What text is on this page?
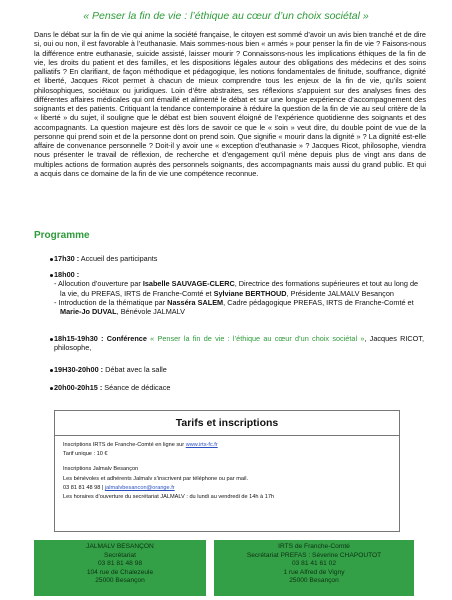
« Penser la fin de vie : l’éthique au cœur d’un choix sociétal »

Dans le débat sur la fin de vie qui anime la société française, le citoyen est sommé d’avoir un avis bien tranché et de dire si, oui ou non, il est favorable à l’euthanasie. Mais sommes-nous bien « armés » pour penser la fin de vie ? Faisons-nous la différence entre euthanasie, suicide assisté, laisser mourir ? Connaissons-nous les implications éthiques de la fin de vie, les droits du patient et des familles, et les dispositions légales autour des obligations des médecins et des soins palliatifs ? En clarifiant, de façon méthodique et pédagogique, les notions fondamentales de finitude, souffrance, dignité et liberté, Jacques Ricot permet à chacun de mieux comprendre tous les enjeux de la fin de vie, qu’ils soient philosophiques, sociétaux ou juridiques. Loin d’être abstraites, ses réflexions s’appuient sur des analyses fines des différentes affaires médicales qui ont émaillé et alimenté le débat et sur une longue expérience d’accompagnement des soignants et des patients. Critiquant la tendance contemporaine à réduire la question de la fin de vie au seul critère de la « liberté » du sujet, il souligne que le débat est bien souvent éloigné de l’expérience quotidienne des soignants et des accompagnants. La question majeure est dès lors de savoir ce que le « soin » veut dire, du double point de vue de la personne qui prend soin et de la personne dont on prend soin. Que signifie « mourir dans la dignité » ? La dignité est-elle affaire de convenance personnelle ? Doit-il y avoir une « exception d’euthanasie » ? Jacques Ricot, philosophe, viendra nous présenter le travail de réflexion, de recherche et d’engagement qu’il mène depuis plus de vingt ans dans de multiples actions de formation auprès des personnels soignants, des accompagnants mais aussi du grand public. Et qui a acquis dans ce domaine de la fin de vie une compétence reconnue.

Programme
17h30 : Accueil des participants
18h00 :
- Allocution d’ouverture par Isabelle SAUVAGE-CLERC, Directrice des formations supérieures et tout au long de la vie, du PREFAS, IRTS de Franche-Comté et Sylviane BERTHOUD, Présidente JALMALV Besançon
- Introduction de la thématique par Nasséra SALEM, Cadre pédagogique PREFAS, IRTS de Franche-Comté et Marie-Jo DUVAL, Bénévole JALMALV
18h15-19h30 : Conférence « Penser la fin de vie : l’éthique au cœur d’un choix sociétal », Jacques RICOT, philosophe,
19H30-20h00 : Débat avec la salle
Tarifs et inscriptions
Inscriptions IRTS de Franche-Comté en ligne sur www.irts-fc.fr
Tarif unique : 10 €
Inscriptions Jalmalv Besançon
Les bénévoles et adhérents Jalmalv s’inscrivent par téléphone ou par mail.
03 81 81 48 98 | jalmalvbesancon@orange.fr
Les horaires d’ouverture du secrétariat JALMALV : du lundi au vendredi de 14h à 17h
JALMALV BESANÇON
Secrétariat
03 81 81 48 98
104 rue de Chalezeule
25000 Besançon
IRTS de Franche-Comté
Secrétariat PREFAS : Séverine CHAPOUTOT
03 81 41 61 02
1 rue Alfred de Vigny
25000 Besançon
20h00-20h15 : Séance de dédicace
